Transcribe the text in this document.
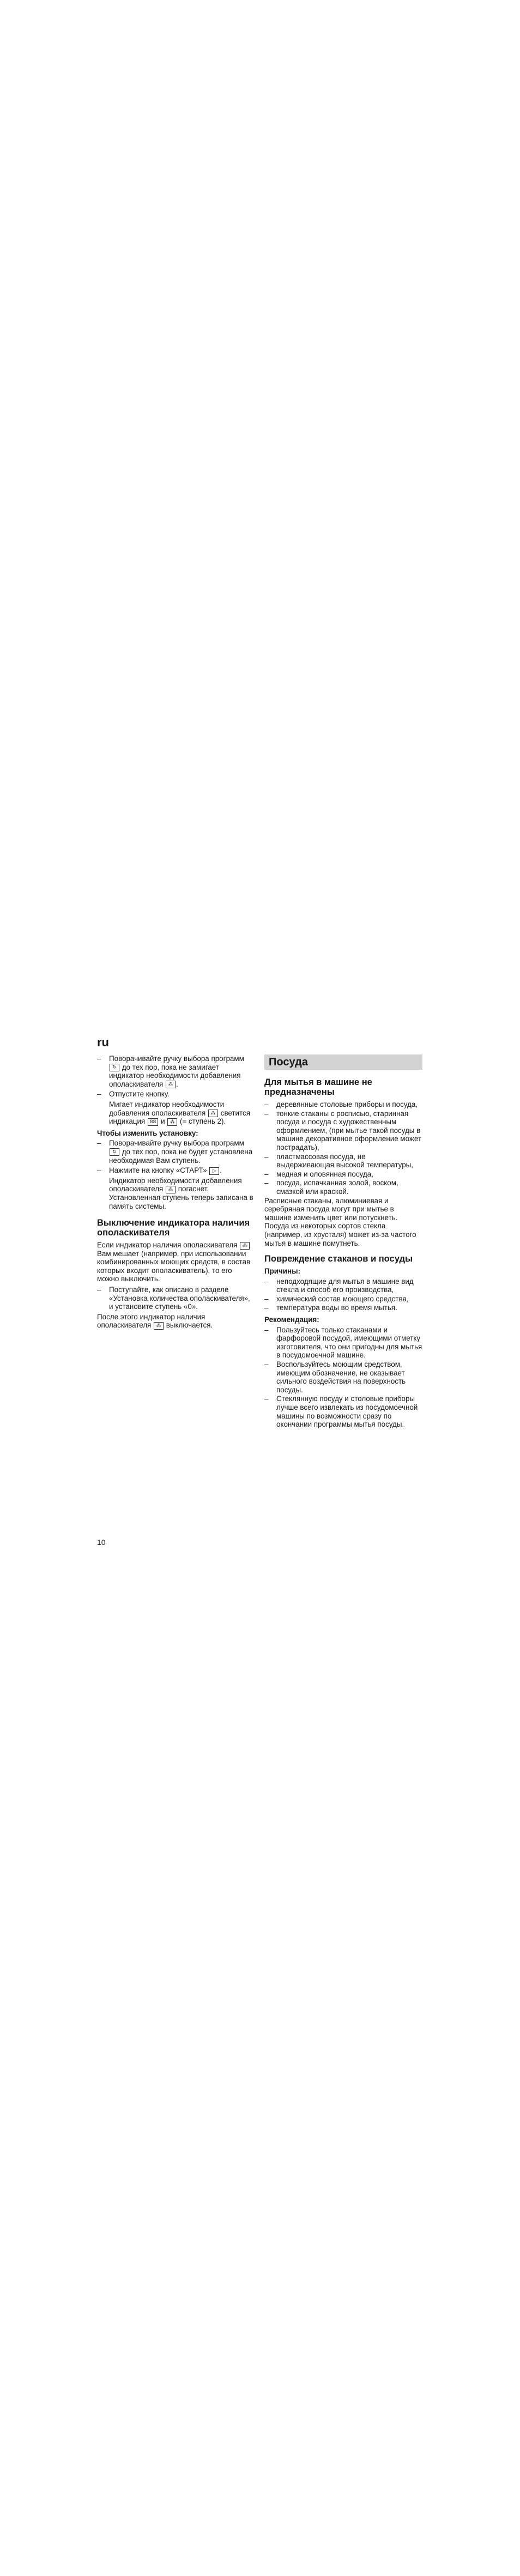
ru
– Поворачивайте ручку выбора программ ↻ до тех пор, пока не замигает индикатор необходимости добавления ополаскивателя ⁂ .
– Отпустите кнопку.
Мигает индикатор необходимости добавления ополаскивателя ⁂ светится индикация 88 и ⁂ (= ступень 2).
Чтобы изменить установку:
– Поворачивайте ручку выбора программ ↻ до тех пор, пока не будет установлена необходимая Вам ступень.
– Нажмите на кнопку «СТАРТ» ▷ .
Индикатор необходимости добавления ополаскивателя ⁂ погаснет. Установленная ступень теперь записана в память системы.
Выключение индикатора наличия ополаскивателя
Если индикатор наличия ополаскивателя ⁂ Вам мешает (например, при использовании комбинированных моющих средств, в состав которых входит ополаскиватель), то его можно выключить.
– Поступайте, как описано в разделе «Установка количества ополаскивателя», и установите ступень «0».
После этого индикатор наличия ополаскивателя ⁂ выключается.
Посуда
Для мытья в машине не предназначены
– деревянные столовые приборы и посуда,
– тонкие стаканы с росписью, старинная посуда и посуда с художественным оформлением, (при мытье такой посуды в машине декоративное оформление может пострадать),
– пластмассовая посуда, не выдерживающая высокой температуры,
– медная и оловянная посуда,
– посуда, испачканная золой, воском, смазкой или краской.
Расписные стаканы, алюминиевая и серебряная посуда могут при мытье в машине изменить цвет или потускнеть. Посуда из некоторых сортов стекла (например, из хрусталя) может из-за частого мытья в машине помутнеть.
Повреждение стаканов и посуды
Причины:
– неподходящие для мытья в машине вид стекла и способ его производства,
– химический состав моющего средства,
– температура воды во время мытья.
Рекомендация:
– Пользуйтесь только стаканами и фарфоровой посудой, имеющими отметку изготовителя, что они пригодны для мытья в посудомоечной машине.
– Воспользуйтесь моющим средством, имеющим обозначение, не оказывает сильного воздействия на поверхность посуды.
– Стеклянную посуду и столовые приборы лучше всего извлекать из посудомоечной машины по возможности сразу по окончании программы мытья посуды.
10
